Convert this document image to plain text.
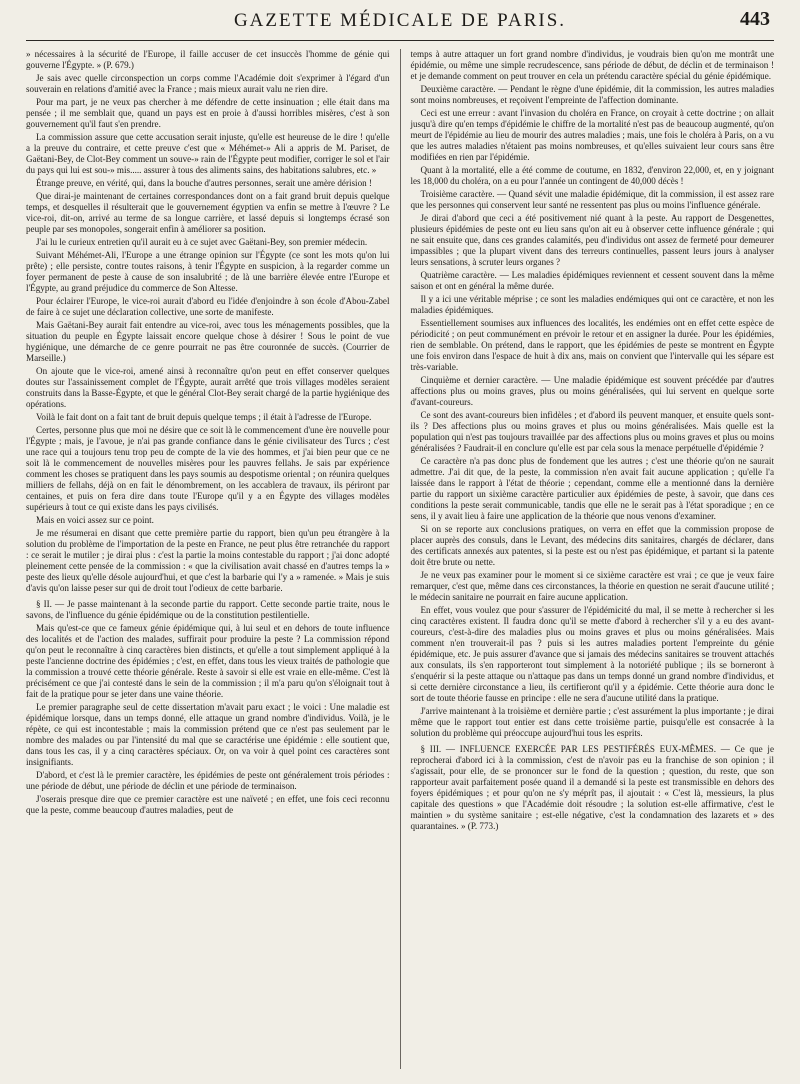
GAZETTE MÉDICALE DE PARIS.	443

» nécessaires à la sécurité de l'Europe, il faille accuser de cet insuccès l'homme de génie qui gouverne l'Égypte. » (P. 679.)

Je sais avec quelle circonspection un corps comme l'Académie doit s'exprimer à l'égard d'un souverain en relations d'amitié avec la France ; mais mieux aurait valu ne rien dire.

Pour ma part, je ne veux pas chercher à me défendre de cette insinuation ; elle était dans ma pensée ; il me semblait que, quand un pays est en proie à d'aussi horribles misères, c'est à son gouvernement qu'il faut s'en prendre.

La commission assure que cette accusation serait injuste, qu'elle est heureuse de le dire ! qu'elle a la preuve du contraire, et cette preuve c'est que « Méhémet-» Ali a appris de M. Pariset, de Gaëtani-Bey, de Clot-Bey comment un souve-» rain de l'Égypte peut modifier, corriger le sol et l'air du pays qui lui est sou-» mis..... assurer à tous des aliments sains, des habitations salubres, etc. »

Étrange preuve, en vérité, qui, dans la bouche d'autres personnes, serait une amère dérision !

Que dirai-je maintenant de certaines correspondances dont on a fait grand bruit depuis quelque temps, et desquelles il résulterait que le gouvernement égyptien va enfin se mettre à l'œuvre ? Le vice-roi, dit-on, arrivé au terme de sa longue carrière, et lassé depuis si longtemps écrasé son peuple par ses monopoles, songerait enfin à améliorer sa position.

J'ai lu le curieux entretien qu'il aurait eu à ce sujet avec Gaëtani-Bey, son premier médecin.

Suivant Méhémet-Ali, l'Europe a une étrange opinion sur l'Égypte (ce sont les mots qu'on lui prête) ; elle persiste, contre toutes raisons, à tenir l'Égypte en suspicion, à la regarder comme un foyer permanent de peste à cause de son insalubrité ; de là une barrière élevée entre l'Europe et l'Égypte, au grand préjudice du commerce de Son Altesse.

Pour éclairer l'Europe, le vice-roi aurait d'abord eu l'idée d'enjoindre à son école d'Abou-Zabel de faire à ce sujet une déclaration collective, une sorte de manifeste.

Mais Gaëtani-Bey aurait fait entendre au vice-roi, avec tous les ménagements possibles, que la situation du peuple en Égypte laissait encore quelque chose à désirer ! Sous le point de vue hygiénique, une démarche de ce genre pourrait ne pas être couronnée de succès. (Courrier de Marseille.)

On ajoute que le vice-roi, amené ainsi à reconnaître qu'on peut en effet conserver quelques doutes sur l'assainissement complet de l'Égypte, aurait arrêté que trois villages modèles seraient construits dans la Basse-Égypte, et que le général Clot-Bey serait chargé de la partie hygiénique des opérations.

Voilà le fait dont on a fait tant de bruit depuis quelque temps ; il était à l'adresse de l'Europe.

Certes, personne plus que moi ne désire que ce soit là le commencement d'une ère nouvelle pour l'Égypte ; mais, je l'avoue, je n'ai pas grande confiance dans le génie civilisateur des Turcs ; c'est une race qui a toujours tenu trop peu de compte de la vie des hommes, et j'ai bien peur que ce ne soit là le commencement de nouvelles misères pour les pauvres fellahs. Je sais par expérience comment les choses se pratiquent dans les pays soumis au despotisme oriental ; on réunira quelques milliers de fellahs, déjà on en fait le dénombrement, on les accablera de travaux, ils périront par centaines, et puis on fera dire dans toute l'Europe qu'il y a en Égypte des villages modèles supérieurs à tout ce qui existe dans les pays civilisés.

Mais en voici assez sur ce point.

Je me résumerai en disant que cette première partie du rapport, bien qu'un peu étrangère à la solution du problème de l'importation de la peste en France, ne peut plus être retranchée du rapport : ce serait le mutiler ; je dirai plus : c'est la partie la moins contestable du rapport ; j'ai donc adopté pleinement cette pensée de la commission : « que la civilisation avait chassé en d'autres temps la » peste des lieux qu'elle désole aujourd'hui, et que c'est la barbarie qui l'y a » ramenée. » Mais je suis d'avis qu'on laisse peser sur qui de droit tout l'odieux de cette barbarie.

§ II. — Je passe maintenant à la seconde partie du rapport. Cette seconde partie traite, nous le savons, de l'influence du génie épidémique ou de la constitution pestilentielle.

Mais qu'est-ce que ce fameux génie épidémique qui, à lui seul et en dehors de toute influence des localités et de l'action des malades, suffirait pour produire la peste ? La commission répond qu'on peut le reconnaître à cinq caractères bien distincts, et qu'elle a tout simplement appliqué à la peste l'ancienne doctrine des épidémies ; c'est, en effet, dans tous les vieux traités de pathologie que la commission a trouvé cette théorie générale. Reste à savoir si elle est vraie en elle-même. C'est là précisément ce que j'ai contesté dans le sein de la commission ; il m'a paru qu'on s'éloignait tout à fait de la pratique pour se jeter dans une vaine théorie.

Le premier paragraphe seul de cette dissertation m'avait paru exact ; le voici : Une maladie est épidémique lorsque, dans un temps donné, elle attaque un grand nombre d'individus. Voilà, je le répète, ce qui est incontestable ; mais la commission prétend que ce n'est pas seulement par le nombre des malades ou par l'intensité du mal que se caractérise une épidémie : elle soutient que, dans tous les cas, il y a cinq caractères spéciaux. Or, on va voir à quel point ces caractères sont insignifiants.

D'abord, et c'est là le premier caractère, les épidémies de peste ont généralement trois périodes : une période de début, une période de déclin et une période de terminaison.

J'oserais presque dire que ce premier caractère est une naïveté ; en effet, une fois ceci reconnu que la peste, comme beaucoup d'autres maladies, peut de

temps à autre attaquer un fort grand nombre d'individus, je voudrais bien qu'on me montrât une épidémie, ou même une simple recrudescence, sans période de début, de déclin et de terminaison ! et je demande comment on peut trouver en cela un prétendu caractère spécial du génie épidémique.

Deuxième caractère. — Pendant le règne d'une épidémie, dit la commission, les autres maladies sont moins nombreuses, et reçoivent l'empreinte de l'affection dominante.

Ceci est une erreur : avant l'invasion du choléra en France, on croyait à cette doctrine ; on allait jusqu'à dire qu'en temps d'épidémie le chiffre de la mortalité n'est pas de beaucoup augmenté, qu'on meurt de l'épidémie au lieu de mourir des autres maladies ; mais, une fois le choléra à Paris, on a vu que les autres maladies n'étaient pas moins nombreuses, et qu'elles suivaient leur cours sans être modifiées en rien par l'épidémie.

Quant à la mortalité, elle a été comme de coutume, en 1832, d'environ 22,000, et, en y joignant les 18,000 du choléra, on a eu pour l'année un contingent de 40,000 décès !

Troisième caractère. — Quand sévit une maladie épidémique, dit la commission, il est assez rare que les personnes qui conservent leur santé ne ressentent pas plus ou moins l'influence générale.

Je dirai d'abord que ceci a été positivement nié quant à la peste. Au rapport de Desgenettes, plusieurs épidémies de peste ont eu lieu sans qu'on ait eu à observer cette influence générale ; qui ne sait ensuite que, dans ces grandes calamités, peu d'individus ont assez de fermeté pour demeurer impassibles ; que la plupart vivent dans des terreurs continuelles, passent leurs jours à analyser leurs sensations, à scruter leurs organes ?

Quatrième caractère. — Les maladies épidémiques reviennent et cessent souvent dans la même saison et ont en général la même durée.

Il y a ici une véritable méprise ; ce sont les maladies endémiques qui ont ce caractère, et non les maladies épidémiques.

Essentiellement soumises aux influences des localités, les endémies ont en effet cette espèce de périodicité ; on peut communément en prévoir le retour et en assigner la durée. Pour les épidémies, rien de semblable. On prétend, dans le rapport, que les épidémies de peste se montrent en Égypte une fois environ dans l'espace de huit à dix ans, mais on convient que l'intervalle qui les sépare est très-variable.

Cinquième et dernier caractère. — Une maladie épidémique est souvent précédée par d'autres affections plus ou moins graves, plus ou moins généralisées, qui lui servent en quelque sorte d'avant-coureurs.

Ce sont des avant-coureurs bien infidèles ; et d'abord ils peuvent manquer, et ensuite quels sont-ils ? Des affections plus ou moins graves et plus ou moins généralisées. Mais quelle est la population qui n'est pas toujours travaillée par des affections plus ou moins graves et plus ou moins généralisées ? Faudrait-il en conclure qu'elle est par cela sous la menace perpétuelle d'épidémie ?

Ce caractère n'a pas donc plus de fondement que les autres ; c'est une théorie qu'on ne saurait admettre. J'ai dit que, de la peste, la commission n'en avait fait aucune application ; qu'elle l'a laissée dans le rapport à l'état de théorie ; cependant, comme elle a mentionné dans la dernière partie du rapport un sixième caractère particulier aux épidémies de peste, à savoir, que dans ces conditions la peste serait communicable, tandis que elle ne le serait pas à l'état sporadique ; en ce sens, il y avait lieu à faire une application de la théorie que nous venons d'examiner.

Si on se reporte aux conclusions pratiques, on verra en effet que la commission propose de placer auprès des consuls, dans le Levant, des médecins dits sanitaires, chargés de déclarer, dans des certificats annexés aux patentes, si la peste est ou n'est pas épidémique, et partant si la patente doit être brute ou nette.

Je ne veux pas examiner pour le moment si ce sixième caractère est vrai ; ce que je veux faire remarquer, c'est que, même dans ces circonstances, la théorie en question ne serait d'aucune utilité ; le médecin sanitaire ne pourrait en faire aucune application.

En effet, vous voulez que pour s'assurer de l'épidémicité du mal, il se mette à rechercher si les cinq caractères existent. Il faudra donc qu'il se mette d'abord à rechercher s'il y a eu des avant-coureurs, c'est-à-dire des maladies plus ou moins graves et plus ou moins généralisées. Mais comment n'en trouverait-il pas ? puis si les autres maladies portent l'empreinte du génie épidémique, etc. Je puis assurer d'avance que si jamais des médecins sanitaires se trouvent attachés aux consulats, ils s'en rapporteront tout simplement à la notoriété publique ; ils se borneront à s'enquérir si la peste attaque ou n'attaque pas dans un temps donné un grand nombre d'individus, et si cette dernière circonstance a lieu, ils certifieront qu'il y a épidémie. Cette théorie aura donc le sort de toute théorie fausse en principe : elle ne sera d'aucune utilité dans la pratique.

J'arrive maintenant à la troisième et dernière partie ; c'est assurément la plus importante ; je dirai même que le rapport tout entier est dans cette troisième partie, puisqu'elle est consacrée à la solution du problème qui préoccupe aujourd'hui tous les esprits.

§ III. — INFLUENCE EXERCÉE PAR LES PESTIFÉRÉS EUX-MÊMES. — Ce que je reprocherai d'abord ici à la commission, c'est de n'avoir pas eu la franchise de son opinion ; il s'agissait, pour elle, de se prononcer sur le fond de la question ; question, du reste, que son rapporteur avait parfaitement posée quand il a demandé si la peste est transmissible en dehors des foyers épidémiques ; et pour qu'on ne s'y méprît pas, il ajoutait : « C'est là, messieurs, la plus capitale des questions » que l'Académie doit résoudre ; la solution est-elle affirmative, c'est le maintien » du système sanitaire ; est-elle négative, c'est la condamnation des lazarets et » des quarantaines. » (P. 773.)
